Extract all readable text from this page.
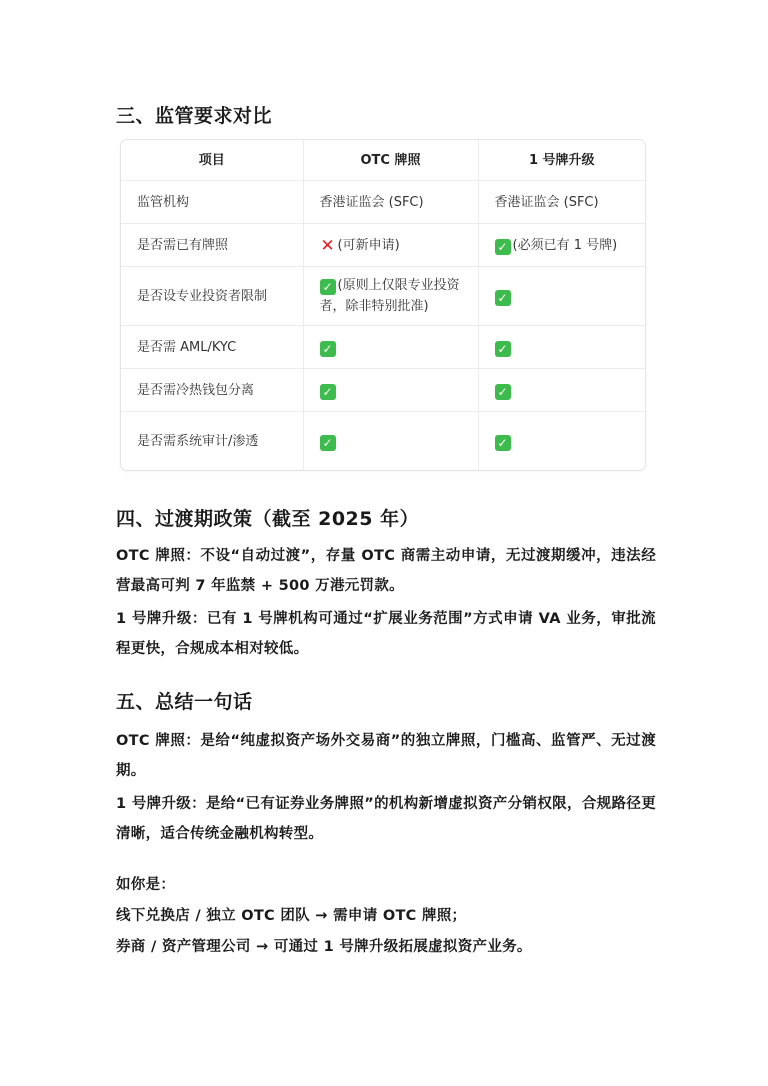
三、监管要求对比
项目	OTC 牌照	1 号牌升级
监管机构	香港证监会 (SFC)	香港证监会 (SFC)
是否需已有牌照	✕ (可新申请)	✓ (必须已有 1 号牌)
是否设专业投资者限制	✓ (原则上仅限专业投资者，除非特别批准)	✓
是否需 AML/KYC	✓	✓
是否需冷热钱包分离	✓	✓
是否需系统审计/渗透	✓	✓
四、过渡期政策（截至 2025 年）

OTC 牌照：不设“自动过渡”，存量 OTC 商需主动申请，无过渡期缓冲，违法经营最高可判 7 年监禁 + 500 万港元罚款。

1 号牌升级：已有 1 号牌机构可通过“扩展业务范围”方式申请 VA 业务，审批流程更快，合规成本相对较低。

五、总结一句话

OTC 牌照：是给“纯虚拟资产场外交易商”的独立牌照，门槛高、监管严、无过渡期。

1 号牌升级：是给“已有证券业务牌照”的机构新增虚拟资产分销权限，合规路径更清晰，适合传统金融机构转型。

如你是：

线下兑换店 / 独立 OTC 团队 → 需申请 OTC 牌照；

券商 / 资产管理公司 → 可通过 1 号牌升级拓展虚拟资产业务。
